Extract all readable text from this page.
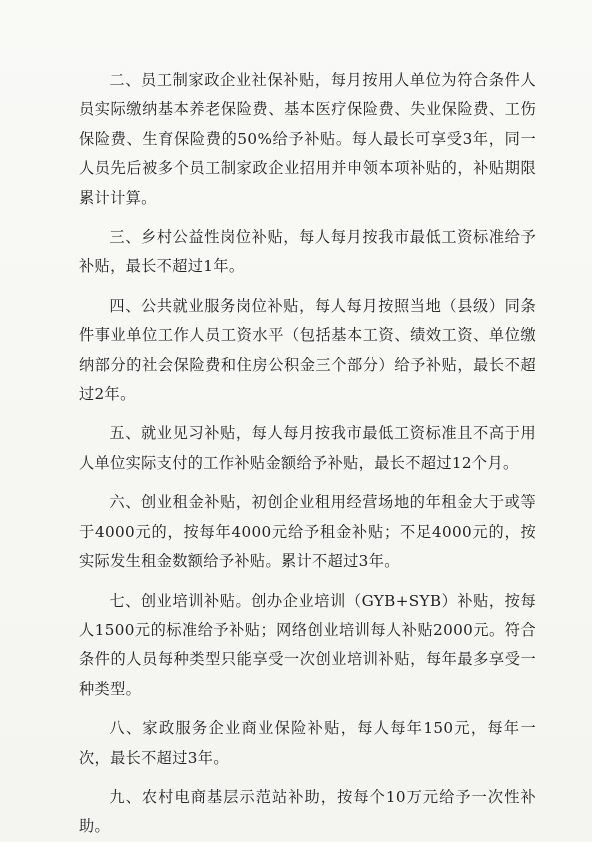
二、员工制家政企业社保补贴，每月按用人单位为符合条件人员实际缴纳基本养老保险费、基本医疗保险费、失业保险费、工伤保险费、生育保险费的50%给予补贴。每人最长可享受3年，同一人员先后被多个员工制家政企业招用并申领本项补贴的，补贴期限累计计算。

三、乡村公益性岗位补贴，每人每月按我市最低工资标准给予补贴，最长不超过1年。

四、公共就业服务岗位补贴，每人每月按照当地（县级）同条件事业单位工作人员工资水平（包括基本工资、绩效工资、单位缴纳部分的社会保险费和住房公积金三个部分）给予补贴，最长不超过2年。

五、就业见习补贴，每人每月按我市最低工资标准且不高于用人单位实际支付的工作补贴金额给予补贴，最长不超过12个月。

六、创业租金补贴，初创企业租用经营场地的年租金大于或等于4000元的，按每年4000元给予租金补贴；不足4000元的，按实际发生租金数额给予补贴。累计不超过3年。

七、创业培训补贴。创办企业培训（GYB+SYB）补贴，按每人1500元的标准给予补贴；网络创业培训每人补贴2000元。符合条件的人员每种类型只能享受一次创业培训补贴，每年最多享受一种类型。

八、家政服务企业商业保险补贴，每人每年150元，每年一次，最长不超过3年。

九、农村电商基层示范站补助，按每个10万元给予一次性补助。
